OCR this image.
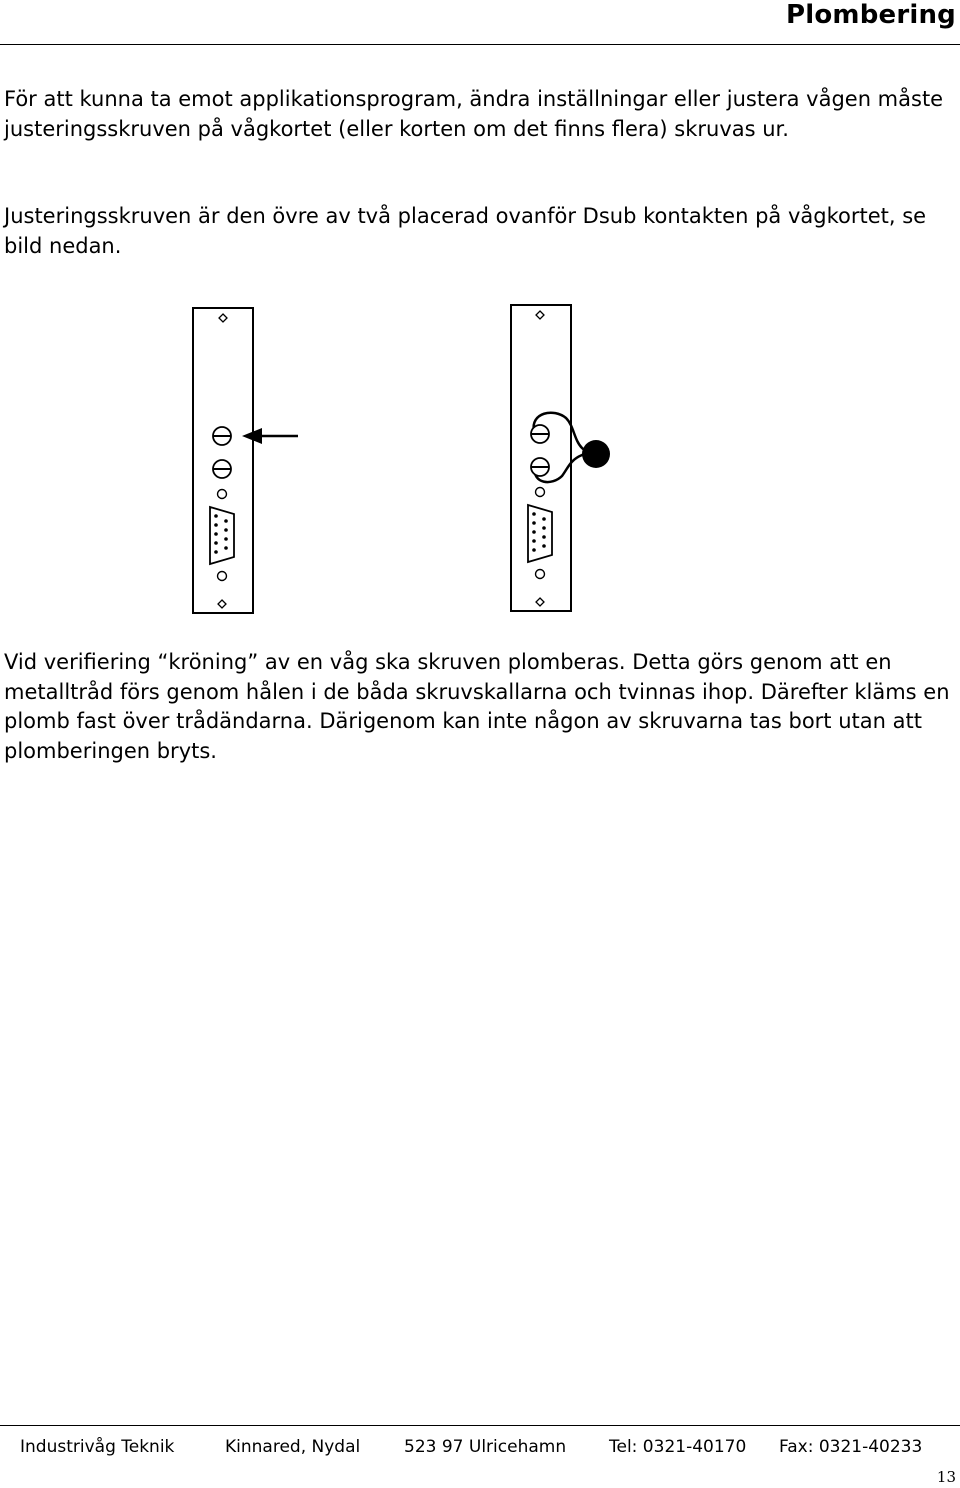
Plombering

För att kunna ta emot applikationsprogram, ändra inställningar eller justera vågen måste justeringsskruven på vågkortet (eller korten om det finns flera) skruvas ur.

Justeringsskruven är den övre av två placerad ovanför Dsub kontakten på vågkortet, se bild nedan.

Vid verifiering “kröning” av en våg ska skruven plomberas. Detta görs genom att en metalltråd förs genom hålen i de båda skruvskallarna och tvinnas ihop. Därefter kläms en plomb fast över trådändarna. Därigenom kan inte någon av skruvarna tas bort utan att plomberingen bryts.

Industrivåg Teknik	Kinnared, Nydal	523 97 Ulricehamn	Tel: 0321-40170 Fax: 0321-40233
13
